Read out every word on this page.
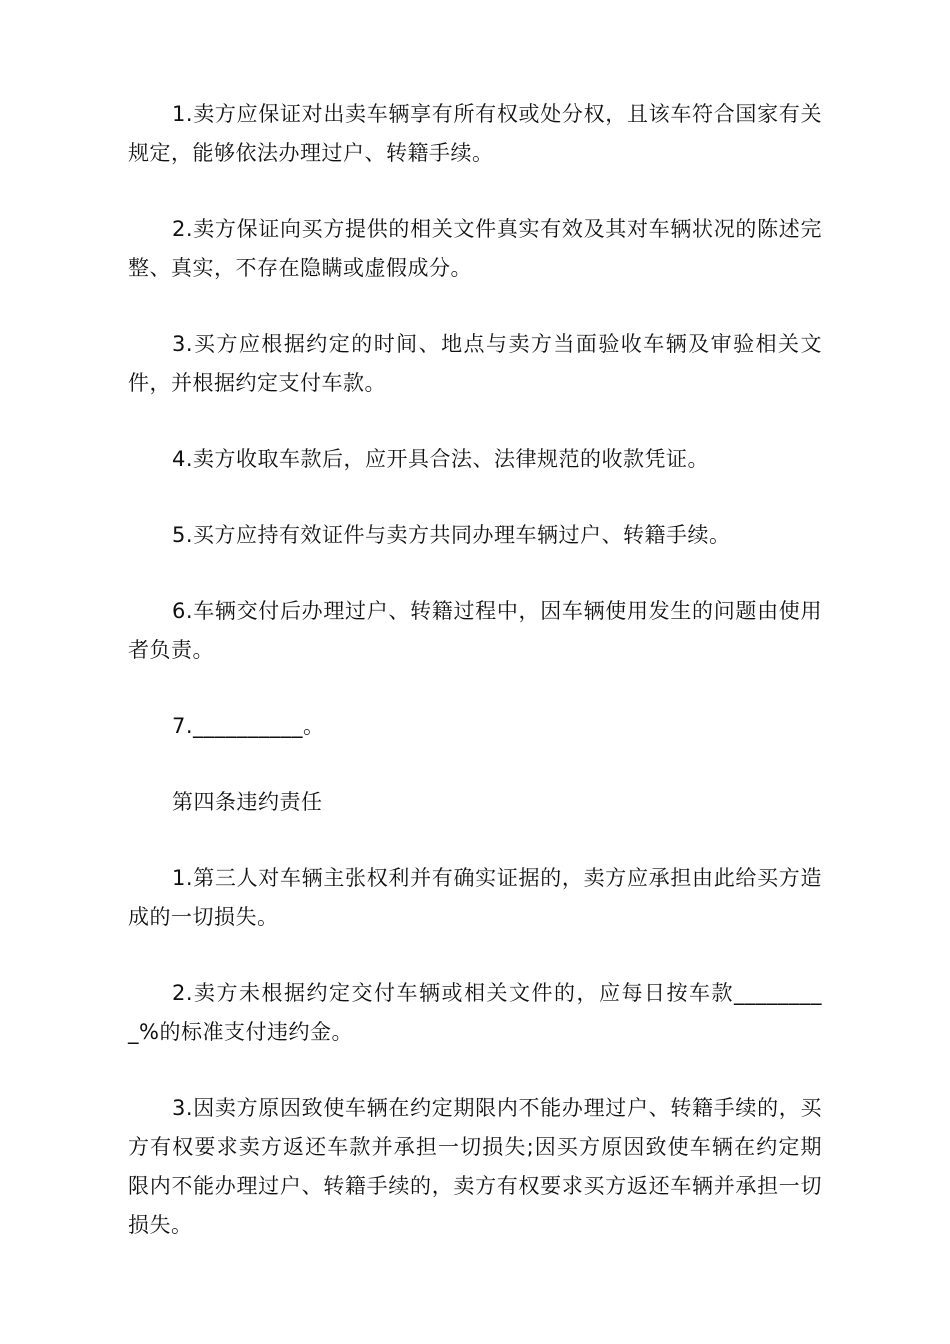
1.卖方应保证对出卖车辆享有所有权或处分权，且该车符合国家有关规定，能够依法办理过户、转籍手续。

2.卖方保证向买方提供的相关文件真实有效及其对车辆状况的陈述完整、真实，不存在隐瞒或虚假成分。

3.买方应根据约定的时间、地点与卖方当面验收车辆及审验相关文件，并根据约定支付车款。

4.卖方收取车款后，应开具合法、法律规范的收款凭证。

5.买方应持有效证件与卖方共同办理车辆过户、转籍手续。

6.车辆交付后办理过户、转籍过程中，因车辆使用发生的问题由使用者负责。

7.__________。

第四条违约责任

1.第三人对车辆主张权利并有确实证据的，卖方应承担由此给买方造成的一切损失。

2.卖方未根据约定交付车辆或相关文件的，应每日按车款_________%的标准支付违约金。

3.因卖方原因致使车辆在约定期限内不能办理过户、转籍手续的，买方有权要求卖方返还车款并承担一切损失;因买方原因致使车辆在约定期限内不能办理过户、转籍手续的，卖方有权要求买方返还车辆并承担一切损失。
